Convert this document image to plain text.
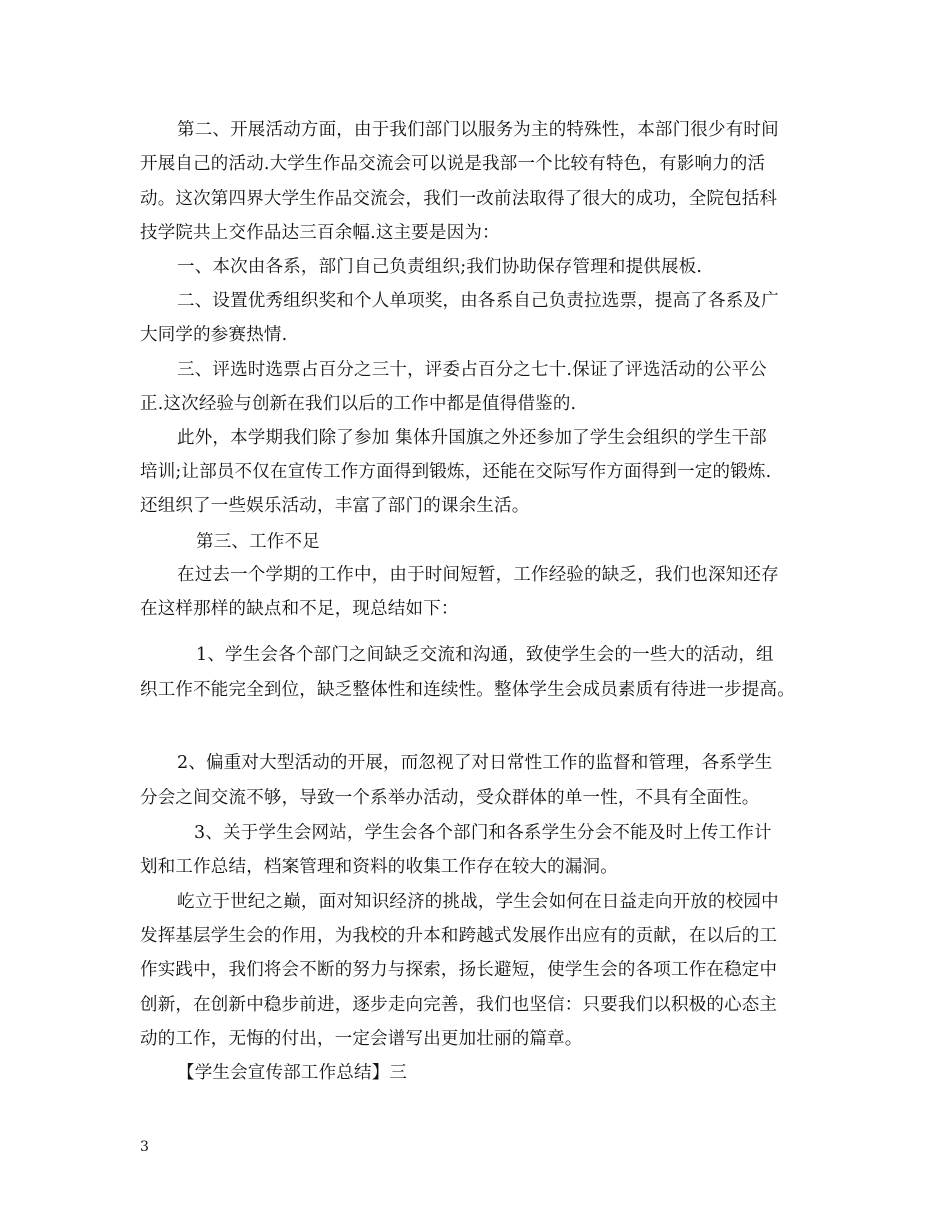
第二、开展活动方面，由于我们部门以服务为主的特殊性，本部门很少有时间
开展自己的活动.大学生作品交流会可以说是我部一个比较有特色，有影响力的活
动。这次第四界大学生作品交流会，我们一改前法取得了很大的成功，全院包括科
技学院共上交作品达三百余幅.这主要是因为：
一、本次由各系，部门自己负责组织;我们协助保存管理和提供展板.
二、设置优秀组织奖和个人单项奖，由各系自己负责拉选票，提高了各系及广
大同学的参赛热情.
三、评选时选票占百分之三十，评委占百分之七十.保证了评选活动的公平公
正.这次经验与创新在我们以后的工作中都是值得借鉴的.
此外，本学期我们除了参加 集体升国旗之外还参加了学生会组织的学生干部
培训;让部员不仅在宣传工作方面得到锻炼，还能在交际写作方面得到一定的锻炼.
还组织了一些娱乐活动，丰富了部门的课余生活。
第三、工作不足
在过去一个学期的工作中，由于时间短暂，工作经验的缺乏，我们也深知还存
在这样那样的缺点和不足，现总结如下：
1、学生会各个部门之间缺乏交流和沟通，致使学生会的一些大的活动，组
织工作不能完全到位，缺乏整体性和连续性。整体学生会成员素质有待进一步提高。
2、偏重对大型活动的开展，而忽视了对日常性工作的监督和管理，各系学生
分会之间交流不够，导致一个系举办活动，受众群体的单一性，不具有全面性。
3、关于学生会网站，学生会各个部门和各系学生分会不能及时上传工作计
划和工作总结，档案管理和资料的收集工作存在较大的漏洞。
屹立于世纪之巅，面对知识经济的挑战，学生会如何在日益走向开放的校园中
发挥基层学生会的作用，为我校的升本和跨越式发展作出应有的贡献，在以后的工
作实践中，我们将会不断的努力与探索，扬长避短，使学生会的各项工作在稳定中
创新，在创新中稳步前进，逐步走向完善，我们也坚信：只要我们以积极的心态主
动的工作，无悔的付出，一定会谱写出更加壮丽的篇章。
【学生会宣传部工作总结】三
3
